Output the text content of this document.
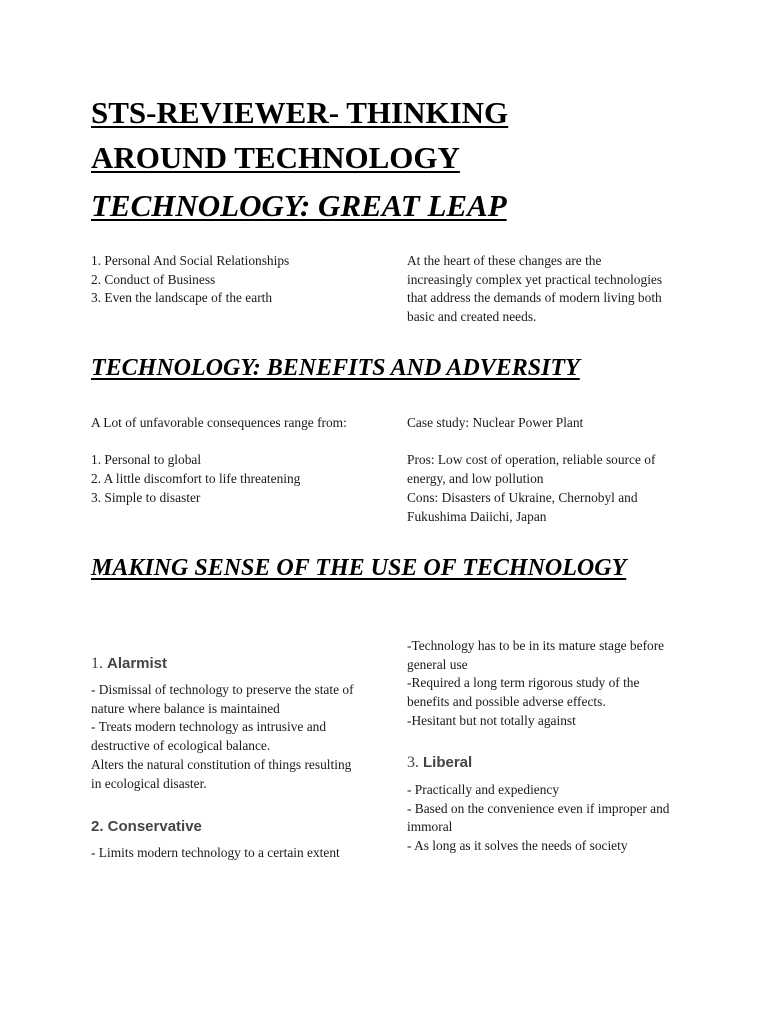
STS-REVIEWER- THINKING
AROUND TECHNOLOGY
TECHNOLOGY: GREAT LEAP
1. Personal And Social Relationships
2. Conduct of Business
3. Even the landscape of the earth
At the heart of these changes are the
increasingly complex yet practical technologies
that address the demands of modern living both
basic and created needs.
TECHNOLOGY: BENEFITS AND ADVERSITY
A Lot of unfavorable consequences range from:
1. Personal to global
2. A little discomfort to life threatening
3. Simple to disaster
Case study: Nuclear Power Plant
Pros: Low cost of operation, reliable source of
energy, and low pollution
Cons: Disasters of Ukraine, Chernobyl and
Fukushima Daiichi, Japan
MAKING SENSE OF THE USE OF TECHNOLOGY
1. Alarmist
- Dismissal of technology to preserve the state of
nature where balance is maintained
- Treats modern technology as intrusive and
destructive of ecological balance.
Alters the natural constitution of things resulting
in ecological disaster.
2. Conservative
- Limits modern technology to a certain extent
-Technology has to be in its mature stage before
general use
-Required a long term rigorous study of the
benefits and possible adverse effects.
-Hesitant but not totally against
3. Liberal
- Practically and expediency
- Based on the convenience even if improper and
immoral
- As long as it solves the needs of society
